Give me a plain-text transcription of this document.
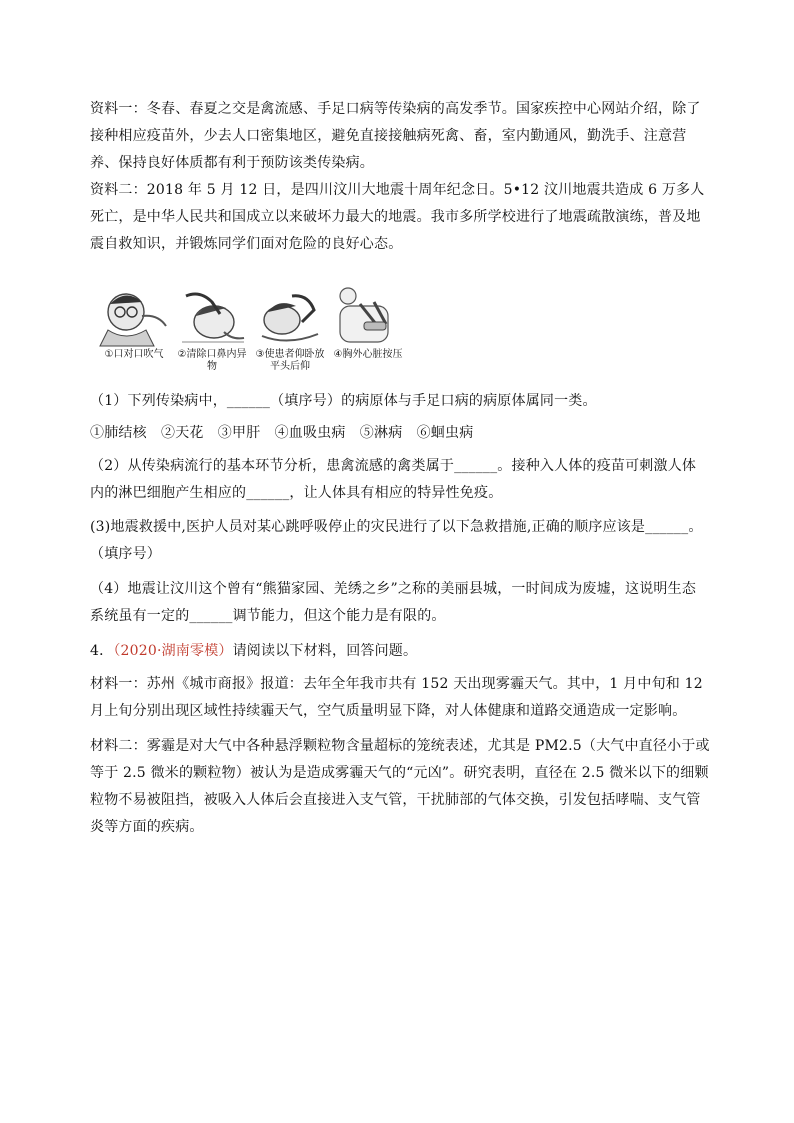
资料一：冬春、春夏之交是禽流感、手足口病等传染病的高发季节。国家疾控中心网站介绍，除了接种相应疫苗外，少去人口密集地区，避免直接接触病死禽、畜，室内勤通风，勤洗手、注意营养、保持良好体质都有利于预防该类传染病。

资料二：2018 年 5 月 12 日，是四川汶川大地震十周年纪念日。5•12 汶川地震共造成 6 万多人死亡，是中华人民共和国成立以来破坏力最大的地震。我市多所学校进行了地震疏散演练，普及地震自救知识，并锻炼同学们面对危险的良好心态。

①口对口吹气	②清除口鼻内异物
③使患者仰卧放平头后仰
④胸外心脏按压

（1）下列传染病中，______（填序号）的病原体与手足口病的病原体属同一类。

①肺结核　②天花　③甲肝　④血吸虫病　⑤淋病　⑥蛔虫病

（2）从传染病流行的基本环节分析，患禽流感的禽类属于______。接种入人体的疫苗可刺激人体内的淋巴细胞产生相应的______，让人体具有相应的特异性免疫。

(3)地震救援中,医护人员对某心跳呼吸停止的灾民进行了以下急救措施,正确的顺序应该是______。（填序号）

（4）地震让汶川这个曾有“熊猫家园、羌绣之乡”之称的美丽县城，一时间成为废墟，这说明生态系统虽有一定的______调节能力，但这个能力是有限的。

4．（2020·湖南零模）请阅读以下材料，回答问题。

材料一：苏州《城市商报》报道：去年全年我市共有 152 天出现雾霾天气。其中，1 月中旬和 12 月上旬分别出现区域性持续霾天气，空气质量明显下降，对人体健康和道路交通造成一定影响。

材料二：雾霾是对大气中各种悬浮颗粒物含量超标的笼统表述，尤其是 PM2.5（大气中直径小于或等于 2.5 微米的颗粒物）被认为是造成雾霾天气的“元凶”。研究表明，直径在 2.5 微米以下的细颗粒物不易被阻挡，被吸入人体后会直接进入支气管，干扰肺部的气体交换，引发包括哮喘、支气管炎等方面的疾病。
